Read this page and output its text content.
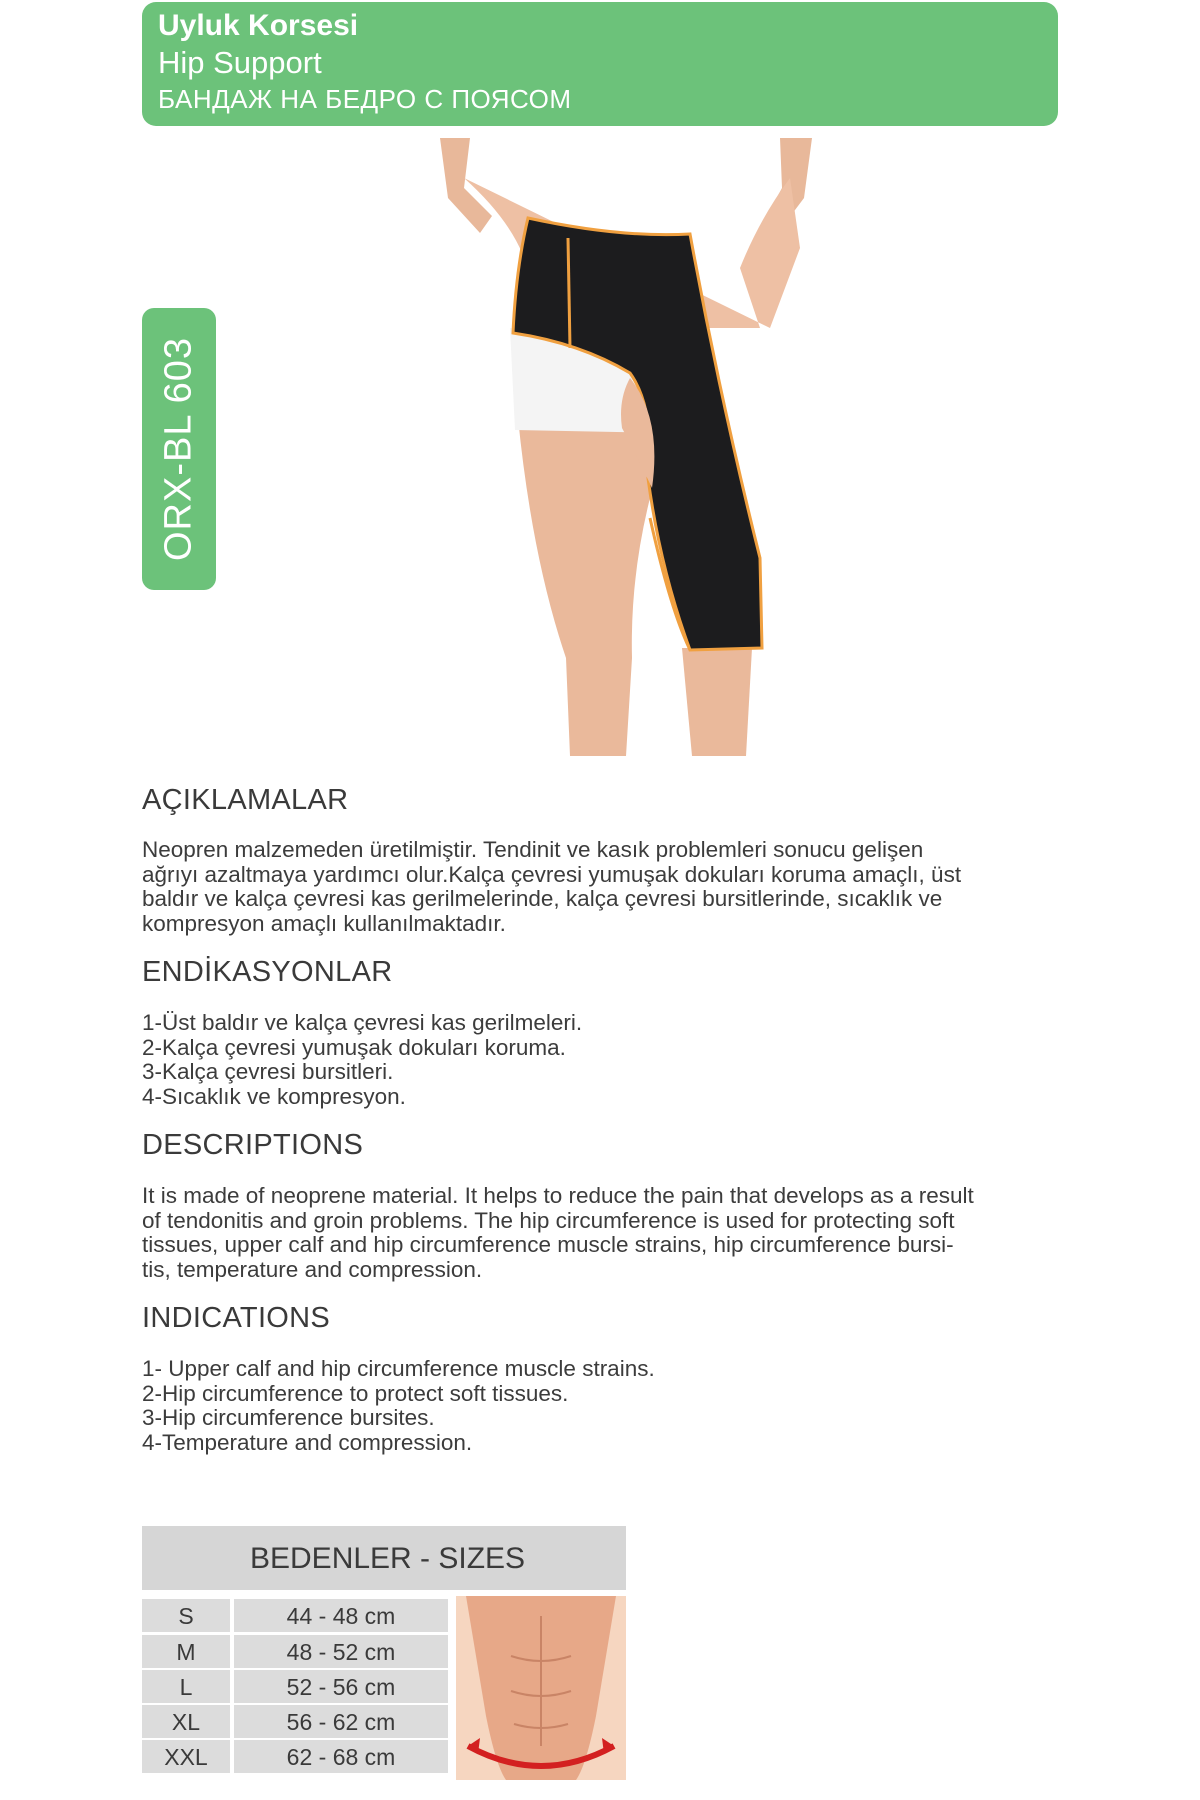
Uyluk Korsesi
Hip Support
БАНДАЖ НА БЕДРО С ПОЯСОМ
ORX-BL 603
AÇIKLAMALAR
Neopren malzemeden üretilmiştir. Tendinit ve kasık problemleri sonucu gelişen
ağrıyı azaltmaya yardımcı olur.Kalça çevresi yumuşak dokuları koruma amaçlı, üst
baldır ve kalça çevresi kas gerilmelerinde, kalça çevresi bursitlerinde, sıcaklık ve
kompresyon amaçlı kullanılmaktadır.
ENDİKASYONLAR
1-Üst baldır ve kalça çevresi kas gerilmeleri.
2-Kalça çevresi yumuşak dokuları koruma.
3-Kalça çevresi bursitleri.
4-Sıcaklık ve kompresyon.
DESCRIPTIONS
It is made of neoprene material. It helps to reduce the pain that develops as a result
of tendonitis and groin problems. The hip circumference is used for protecting soft
tissues, upper calf and hip circumference muscle strains, hip circumference bursi-
tis, temperature and compression.
INDICATIONS
1- Upper calf and hip circumference muscle strains.
2-Hip circumference to protect soft tissues.
3-Hip circumference bursites.
4-Temperature and compression.
BEDENLER - SIZES
S	44 - 48 cm
M	48 - 52 cm
L	52 - 56 cm
XL	56 - 62 cm
XXL	62 - 68 cm
